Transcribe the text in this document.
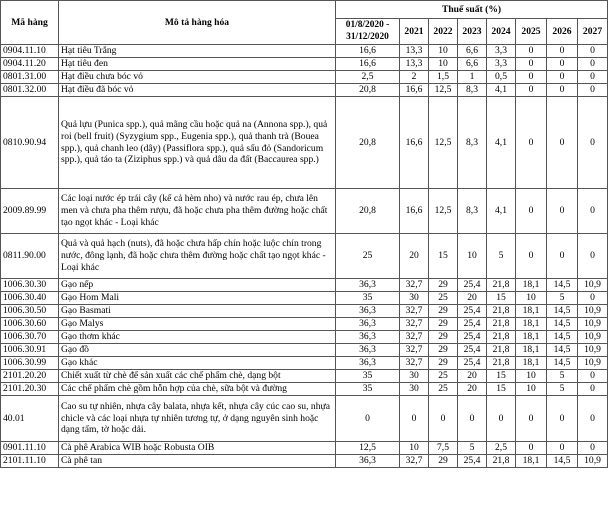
Mã hàng	Mô tả hàng hóa	Thuế suất (%)							
		01/8/2020 - 31/12/2020	2021	2022	2023	2024	2025	2026	2027
0904.11.10	Hạt tiêu Trắng	16,6	13,3	10	6,6	3,3	0	0	0
0904.11.20	Hạt tiêu đen	16,6	13,3	10	6,6	3,3	0	0	0
0801.31.00	Hạt điều chưa bóc vỏ	2,5	2	1,5	1	0,5	0	0	0
0801.32.00	Hạt điều đã bóc vỏ	20,8	16,6	12,5	8,3	4,1	0	0	0
0810.90.94	Quả lựu (Punica spp.), quả mãng cầu hoặc quả na (Annona spp.), quả roi (bell fruit) (Syzygium spp., Eugenia spp.), quả thanh trà (Bouea spp.), quả chanh leo (dây) (Passiflora spp.), quả sấu đỏ (Sandoricum spp.), quả táo ta (Ziziphus spp.) và quả dâu da đất (Baccaurea spp.)	20,8	16,6	12,5	8,3	4,1	0	0	0
2009.89.99	Các loại nước ép trái cây (kể cả hèm nho) và nước rau ép, chưa lên men và chưa pha thêm rượu, đã hoặc chưa pha thêm đường hoặc chất tạo ngọt khác - Loại khác	20,8	16,6	12,5	8,3	4,1	0	0	0
0811.90.00	Quả và quả hạch (nuts), đã hoặc chưa hấp chín hoặc luộc chín trong nước, đông lạnh, đã hoặc chưa thêm đường hoặc chất tạo ngọt khác - Loại khác	25	20	15	10	5	0	0	0
1006.30.30	Gạo nếp	36,3	32,7	29	25,4	21,8	18,1	14,5	10,9
1006.30.40	Gạo Hom Mali	35	30	25	20	15	10	5	0
1006.30.50	Gạo Basmati	36,3	32,7	29	25,4	21,8	18,1	14,5	10,9
1006.30.60	Gạo Malys	36,3	32,7	29	25,4	21,8	18,1	14,5	10,9
1006.30.70	Gạo thơm khác	36,3	32,7	29	25,4	21,8	18,1	14,5	10,9
1006.30.91	Gạo đồ	36,3	32,7	29	25,4	21,8	18,1	14,5	10,9
1006.30.99	Gạo khác	36,3	32,7	29	25,4	21,8	18,1	14,5	10,9
2101.20.20	Chiết xuất từ chè để sản xuất các chế phẩm chè, dạng bột	35	30	25	20	15	10	5	0
2101.20.30	Các chế phẩm chè gồm hỗn hợp của chè, sữa bột và đường	35	30	25	20	15	10	5	0
40.01	Cao su tự nhiên, nhựa cây balata, nhựa kết, nhựa cây cúc cao su, nhựa chicle và các loại nhựa tự nhiên tương tự, ở dạng nguyên sinh hoặc dạng tấm, tờ hoặc dải.	0	0	0	0	0	0	0	0
0901.11.10	Cà phê Arabica WIB hoặc Robusta OIB	12,5	10	7,5	5	2,5	0	0	0
2101.11.10	Cà phê tan	36,3	32,7	29	25,4	21,8	18,1	14,5	10,9
